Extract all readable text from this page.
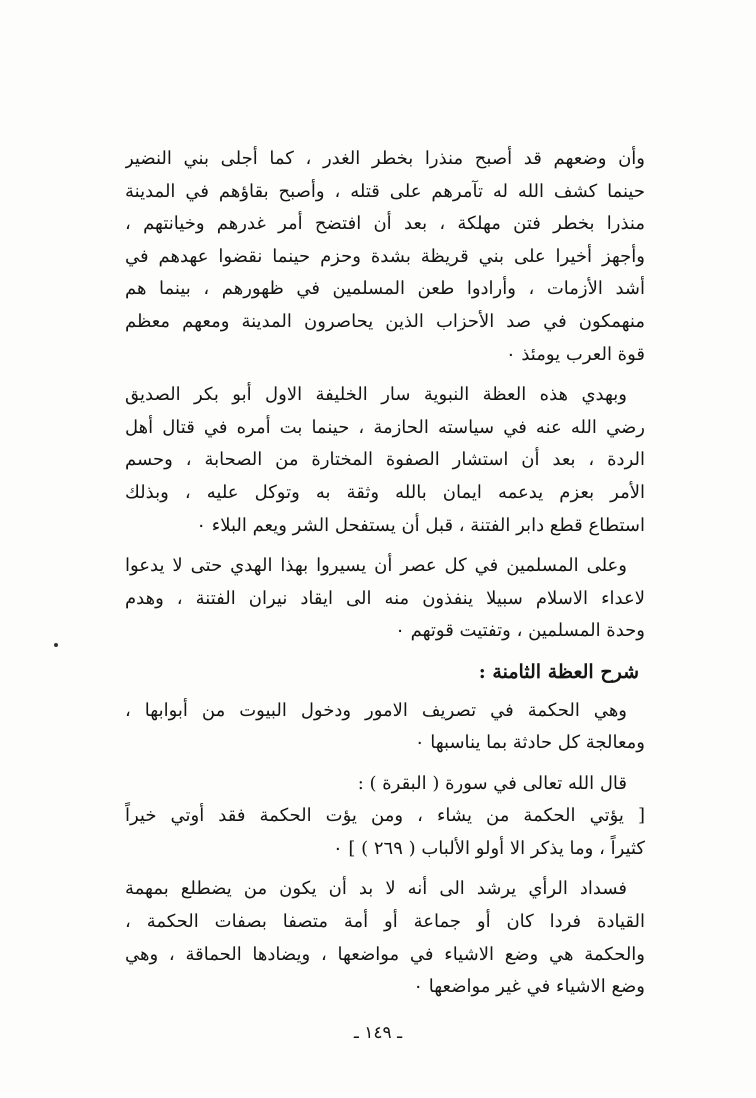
وأن وضعهم قد أصبح منذرا بخطر الغدر ، كما أجلى بني النضير
حينما كشف الله له تآمرهم على قتله ، وأصبح بقاؤهم في المدينة
منذرا بخطر فتن مهلكة ، بعد أن افتضح أمر غدرهم وخيانتهم ،
وأجهز أخيرا على بني قريظة بشدة وحزم حينما نقضوا عهدهم في
أشد الأزمات ، وأرادوا طعن المسلمين في ظهورهم ، بينما هم
منهمكون في صد الأحزاب الذين يحاصرون المدينة ومعهم معظم
قوة العرب يومئذ ٠
وبهدي هذه العظة النبوية سار الخليفة الاول أبو بكر الصديق
رضي الله عنه في سياسته الحازمة ، حينما بت أمره في قتال أهل
الردة ، بعد أن استشار الصفوة المختارة من الصحابة ، وحسم
الأمر بعزم يدعمه ايمان بالله وثقة به وتوكل عليه ، وبذلك
استطاع قطع دابر الفتنة ، قبل أن يستفحل الشر ويعم البلاء ٠
وعلى المسلمين في كل عصر أن يسيروا بهذا الهدي حتى لا يدعوا
لاعداء الاسلام سبيلا ينفذون منه الى ايقاد نيران الفتنة ، وهدم
وحدة المسلمين ، وتفتيت قوتهم ٠
شرح العظة الثامنة :
وهي الحكمة في تصريف الامور ودخول البيوت من أبوابها ،
ومعالجة كل حادثة بما يناسبها ٠
قال الله تعالى في سورة ( البقرة ) :
[ يؤتي الحكمة من يشاء ، ومن يؤت الحكمة فقد أوتي خيراً
كثيراً ، وما يذكر الا أولو الألباب ( ٢٦٩ ) ] ٠
فسداد الرأي يرشد الى أنه لا بد أن يكون من يضطلع بمهمة
القيادة فردا كان أو جماعة أو أمة متصفا بصفات الحكمة ،
والحكمة هي وضع الاشياء في مواضعها ، ويضادها الحماقة ، وهي
وضع الاشياء في غير مواضعها ٠
ـ ١٤٩ ـ
